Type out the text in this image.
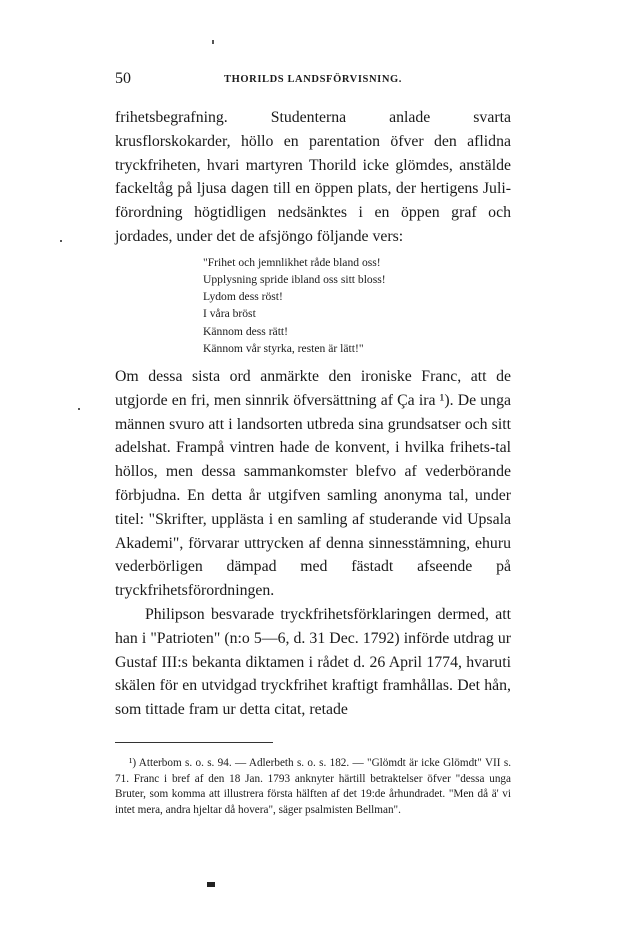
50	THORILDS LANDSFÖRVISNING.

frihetsbegrafning. Studenterna anlade svarta krusflorskokarder, höllo en parentation öfver den aflidna tryckfriheten, hvari martyren Thorild icke glömdes, anstälde fackeltåg på ljusa dagen till en öppen plats, der hertigens Juli-förordning högtidligen nedsänktes i en öppen graf och jordades, under det de afsjöngo följande vers:

"Frihet och jemnlikhet råde bland oss!
Upplysning spride ibland oss sitt bloss!
Lydom dess röst!
I våra bröst
Kännom dess rätt!
Kännom vår styrka, resten är lätt!"

Om dessa sista ord anmärkte den ironiske Franc, att de utgjorde en fri, men sinnrik öfversättning af Ça ira ¹). De unga männen svuro att i landsorten utbreda sina grundsatser och sitt adelshat. Frampå vintren hade de konvent, i hvilka frihets-tal höllos, men dessa sammankomster blefvo af vederbörande förbjudna. En detta år utgifven samling anonyma tal, under titel: "Skrifter, upplästa i en samling af studerande vid Upsala Akademi", förvarar uttrycken af denna sinnesstämning, ehuru vederbörligen dämpad med fästadt afseende på tryckfrihetsförordningen.

Philipson besvarade tryckfrihetsförklaringen dermed, att han i "Patrioten" (n:o 5—6, d. 31 Dec. 1792) införde utdrag ur Gustaf III:s bekanta diktamen i rådet d. 26 April 1774, hvaruti skälen för en utvidgad tryckfrihet kraftigt framhållas. Det hån, som tittade fram ur detta citat, retade

¹) Atterbom s. o. s. 94. — Adlerbeth s. o. s. 182. — "Glömdt är icke Glömdt" VII s. 71. Franc i bref af den 18 Jan. 1793 anknyter härtill betraktelser öfver "dessa unga Bruter, som komma att illustrera första hälften af det 19:de århundradet. "Men då ä' vi intet mera, andra hjeltar då hovera", säger psalmisten Bellman".
